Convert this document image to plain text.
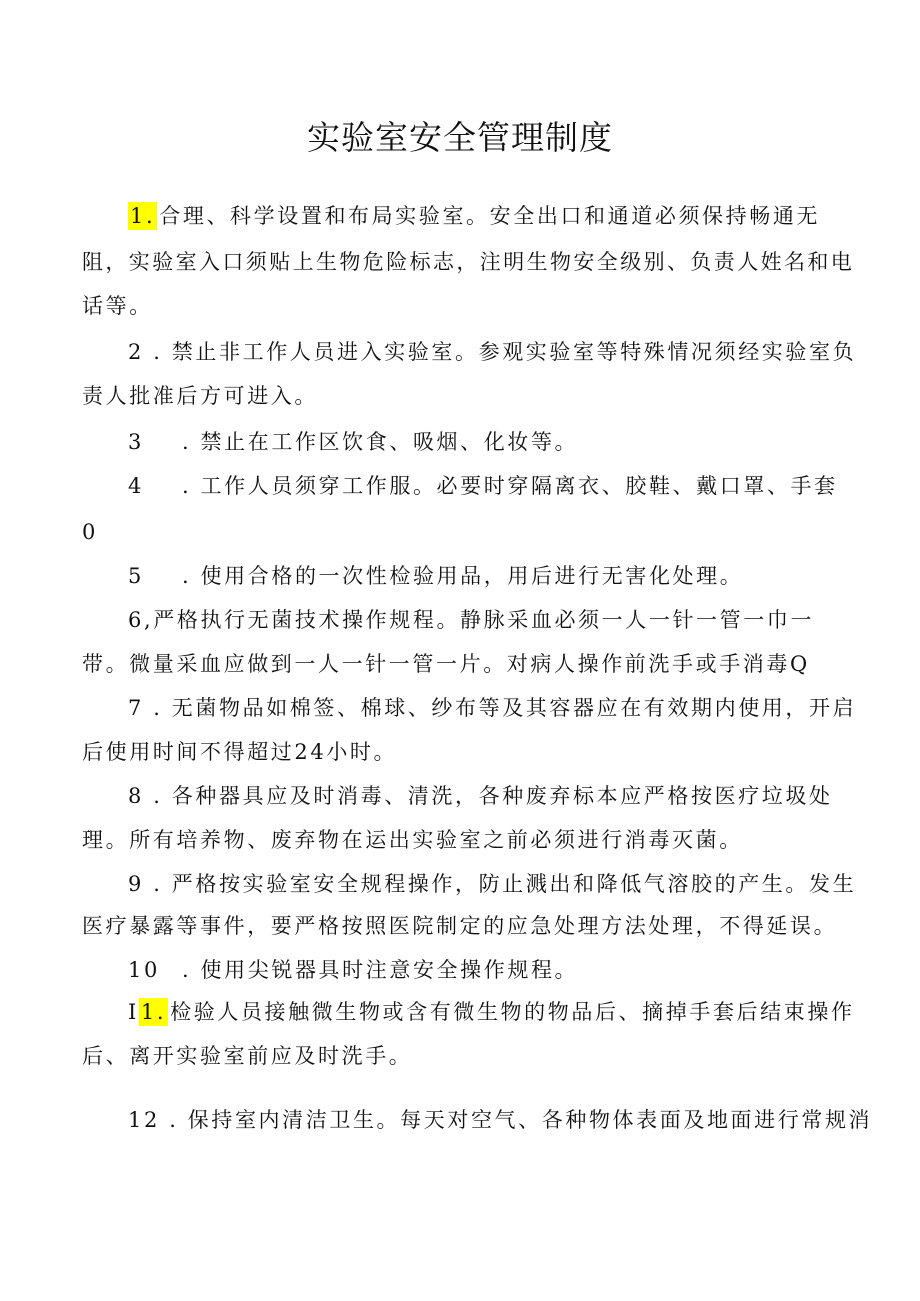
实验室安全管理制度
1. 合理、科学设置和布局实验室。安全出口和通道必须保持畅通无
阻，实验室入口须贴上生物危险标志，注明生物安全级别、负责人姓名和电
话等。
2 . 禁止非工作人员进入实验室。参观实验室等特殊情况须经实验室负
责人批准后方可进入。
3 . 禁止在工作区饮食、吸烟、化妆等。
4 . 工作人员须穿工作服。必要时穿隔离衣、胶鞋、戴口罩、手套
0
5 . 使用合格的一次性检验用品，用后进行无害化处理。
6,严格执行无菌技术操作规程。静脉采血必须一人一针一管一巾一
带。微量采血应做到一人一针一管一片。对病人操作前洗手或手消毒Q
7 . 无菌物品如棉签、棉球、纱布等及其容器应在有效期内使用，开启
后使用时间不得超过24小时。
8 . 各种器具应及时消毒、清洗，各种废弃标本应严格按医疗垃圾处
理。所有培养物、废弃物在运出实验室之前必须进行消毒灭菌。
9 . 严格按实验室安全规程操作，防止溅出和降低气溶胶的产生。发生
医疗暴露等事件，要严格按照医院制定的应急处理方法处理，不得延误。
10 . 使用尖锐器具时注意安全操作规程。
I1. 检验人员接触微生物或含有微生物的物品后、摘掉手套后结束操作
后、离开实验室前应及时洗手。
12 . 保持室内清洁卫生。每天对空气、各种物体表面及地面进行常规消
